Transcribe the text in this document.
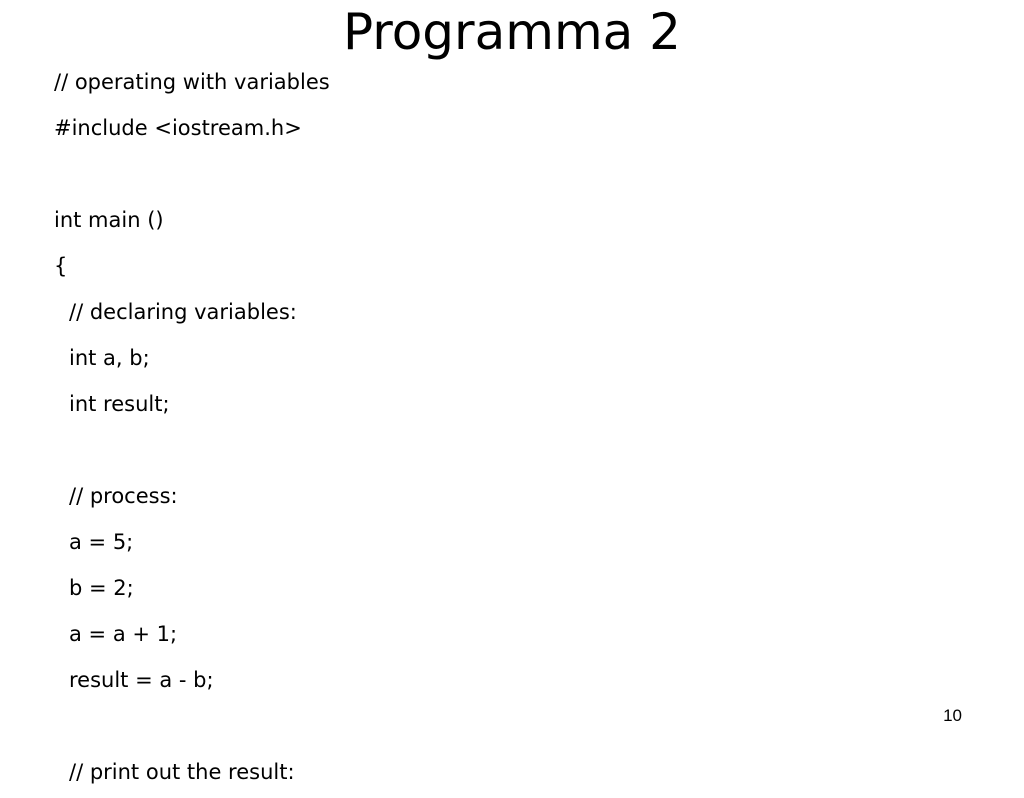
Programma 2
// operating with variables
#include <iostream.h>
int main ()
{
// declaring variables:
int a, b;
int result;
// process:
a = 5;
b = 2;
a = a + 1;
result = a - b;
// print out the result:
10
